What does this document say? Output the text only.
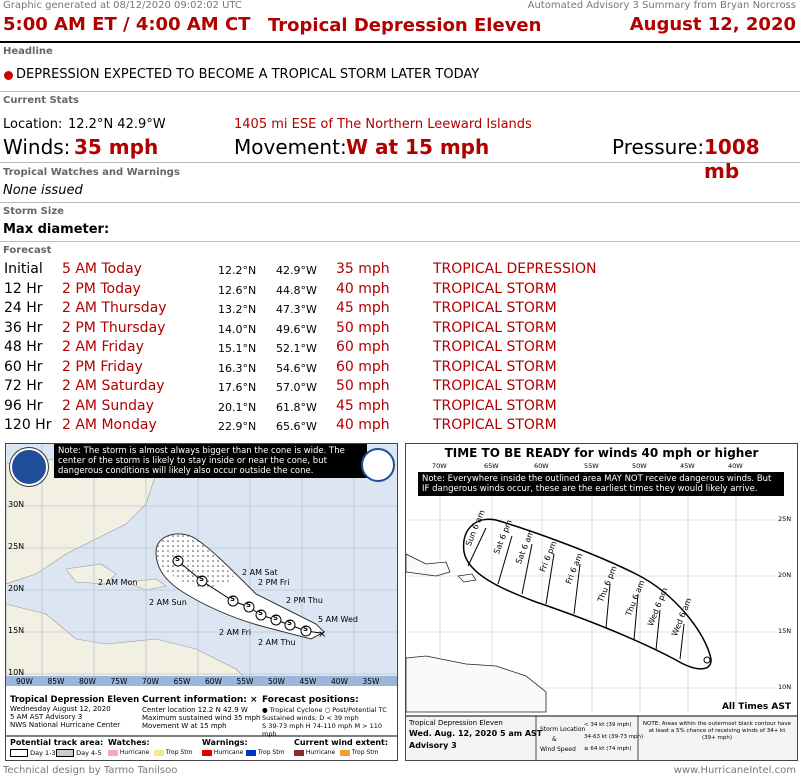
Graphic generated at 08/12/2020 09:02:02 UTC	Automated Advisory 3 Summary from Bryan Norcross
5:00 AM ET / 4:00 AM CT Tropical Depression Eleven	August 12, 2020
Headline
DEPRESSION EXPECTED TO BECOME A TROPICAL STORM LATER TODAY
Current Stats
Location: 12.2°N 42.9°W	1405 mi ESE of The Northern Leeward Islands
Winds: 35 mph	Movement: W at 15 mph	Pressure: 1008 mb
Tropical Watches and Warnings
None issued
Storm Size
Max diameter:
Forecast
Initial 5 AM Today	12.2°N 42.9°W 35 mph	TROPICAL DEPRESSION
12 Hr 2 PM Today	12.6°N 44.8°W 40 mph	TROPICAL STORM
24 Hr 2 AM Thursday	13.2°N 47.3°W 45 mph	TROPICAL STORM
36 Hr 2 PM Thursday	14.0°N 49.6°W 50 mph	TROPICAL STORM
48 Hr 2 AM Friday	15.1°N 52.1°W 60 mph	TROPICAL STORM
60 Hr 2 PM Friday	16.3°N 54.6°W 60 mph	TROPICAL STORM
72 Hr 2 AM Saturday	17.6°N 57.0°W 50 mph	TROPICAL STORM
96 Hr 2 AM Sunday	20.1°N 61.8°W 45 mph	TROPICAL STORM
120 Hr 2 AM Monday	22.9°N 65.6°W 40 mph	TROPICAL STORM
×
Note: The storm is almost always bigger than the cone is wide. The center of the storm is likely to stay inside or near the cone, but dangerous conditions will likely also occur outside the cone.
30N
25N
20N
15N
10N
90W 85W 80W 75W 70W 65W 60W 55W 50W 45W 40W 35W
2 AM Mon
2 AM Sun
2 AM Sat
2 PM Fri
2 AM Fri
2 AM Thu
2 PM Thu
5 AM Wed
S
S
S
S
S
S
S
S
Tropical Depression Eleven
Wednesday August 12, 2020
5 AM AST Advisory 3
NWS National Hurricane Center
Current information: ×
Center location 12.2 N 42.9 W
Maximum sustained wind 35 mph
Movement W at 15 mph
Forecast positions:
● Tropical Cyclone ○ Post/Potential TC
Sustained winds: D < 39 mph
S 39-73 mph H 74-110 mph M > 110 mph
Potential track area:
Day 1-3	Day 4-5
Watches:
Hurricane	Trop Stm
Warnings:
Hurricane	Trop Stm
Current wind extent:
Hurricane	Trop Stm
TIME TO BE READY for winds 40 mph or higher
Note: Everywhere inside the outlined area MAY NOT receive dangerous winds. But IF dangerous winds occur, these are the earliest times they would likely arrive.
70W	65W	60W	55W	50W	45W	40W
25N
20N
15N
10N
Sun 6 am Sat 6 pm Sat 6 am Fri 6 pm Fri 6 am Thu 6 pm Thu 6 am Wed 6 pm Wed 6 am
All Times AST
Tropical Depression Eleven
Wed. Aug. 12, 2020 5 am AST
Advisory 3
Storm Location
&
Wind Speed
< 34 kt (39 mph)
34-63 kt (39-73 mph)
≥ 64 kt (74 mph)
NOTE: Areas within the outermost black contour have at least a 5% chance of receiving winds of 34+ kt (39+ mph)
Technical design by Tarmo Tanilsoo	www.HurricaneIntel.com
